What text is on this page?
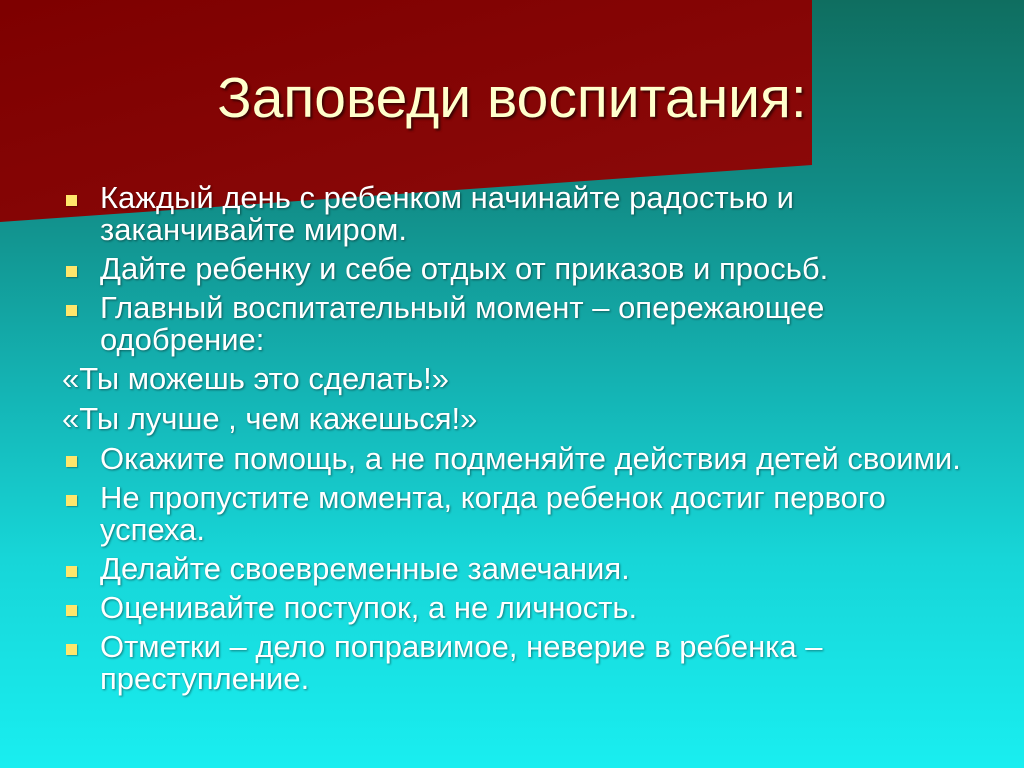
Заповеди воспитания:
Каждый день с ребенком начинайте радостью и заканчивайте миром.
Дайте ребенку и себе отдых от приказов и просьб.
Главный воспитательный момент – опережающее одобрение:
«Ты можешь это сделать!»
«Ты лучше , чем кажешься!»
Окажите помощь, а не подменяйте действия детей своими.
Не пропустите момента, когда ребенок достиг первого успеха.
Делайте своевременные замечания.
Оценивайте поступок, а не личность.
Отметки – дело поправимое, неверие в ребенка – преступление.
